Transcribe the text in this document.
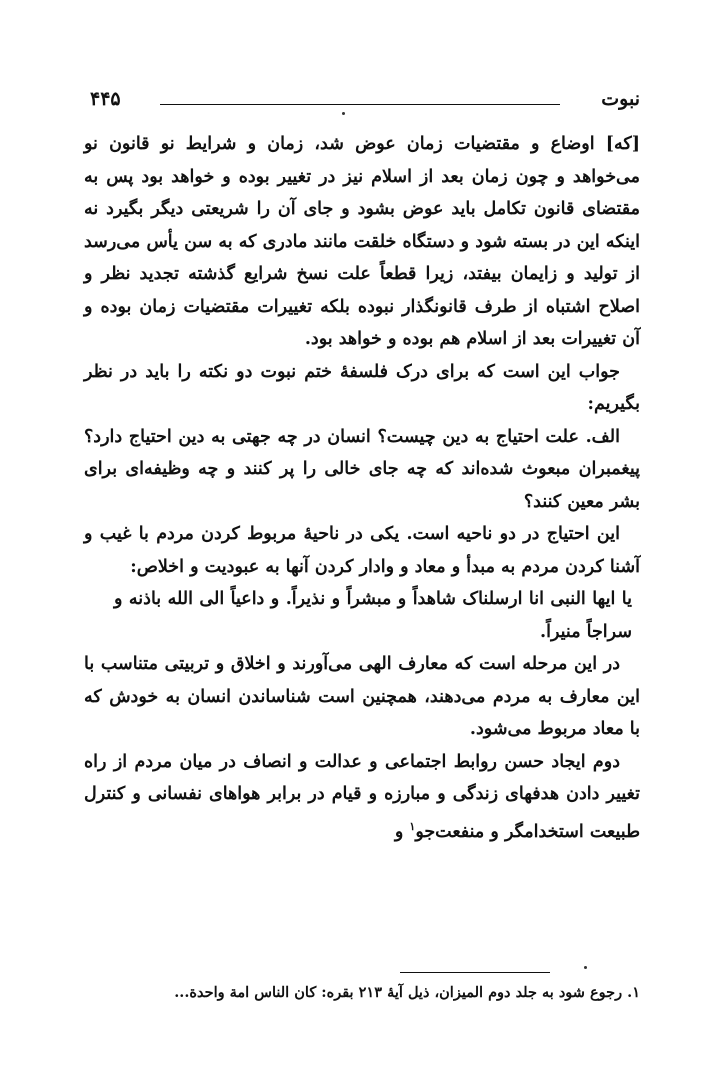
نبوت
۴۴۵

[که] اوضاع و مقتضیات زمان عوض شد، زمان و شرایط نو قانون نو می‌خواهد و چون زمان بعد از اسلام نیز در تغییر بوده و خواهد بود پس به مقتضای قانون تکامل باید عوض بشود و جای آن را شریعتی دیگر بگیرد نه اینکه این در بسته شود و دستگاه خلقت مانند مادری که به سن یأس می‌رسد از تولید و زایمان بیفتد، زیرا قطعاً علت نسخ شرایع گذشته تجدید نظر و اصلاح اشتباه از طرف قانونگذار نبوده بلکه تغییرات مقتضیات زمان بوده و آن تغییرات بعد از اسلام هم بوده و خواهد بود.

جواب این است که برای درک فلسفهٔ ختم نبوت دو نکته را باید در نظر بگیریم:

الف. علت احتیاج به دین چیست؟ انسان در چه جهتی به دین احتیاج دارد؟ پیغمبران مبعوث شده‌اند که چه جای خالی را پر کنند و چه وظیفه‌ای برای بشر معین کنند؟

این احتیاج در دو ناحیه است. یکی در ناحیهٔ مربوط کردن مردم با غیب و آشنا کردن مردم به مبدأ و معاد و وادار کردن آنها به عبودیت و اخلاص:

یا ایها النبی انا ارسلناک شاهداً و مبشراً و نذیراً. و داعیاً الی الله باذنه و سراجاً منیراً.

در این مرحله است که معارف الهی می‌آورند و اخلاق و تربیتی متناسب با این معارف به مردم می‌دهند، همچنین است شناساندن انسان به خودش که با معاد مربوط می‌شود.

دوم ایجاد حسن روابط اجتماعی و عدالت و انصاف در میان مردم از راه تغییر دادن هدفهای زندگی و مبارزه و قیام در برابر هواهای نفسانی و کنترل طبیعت استخدامگر و منفعت‌جو$^۱$ و

۱. رجوع شود به جلد دوم المیزان، ذیل آیهٔ ۲۱۳ بقره: کان الناس امة واحدة...
